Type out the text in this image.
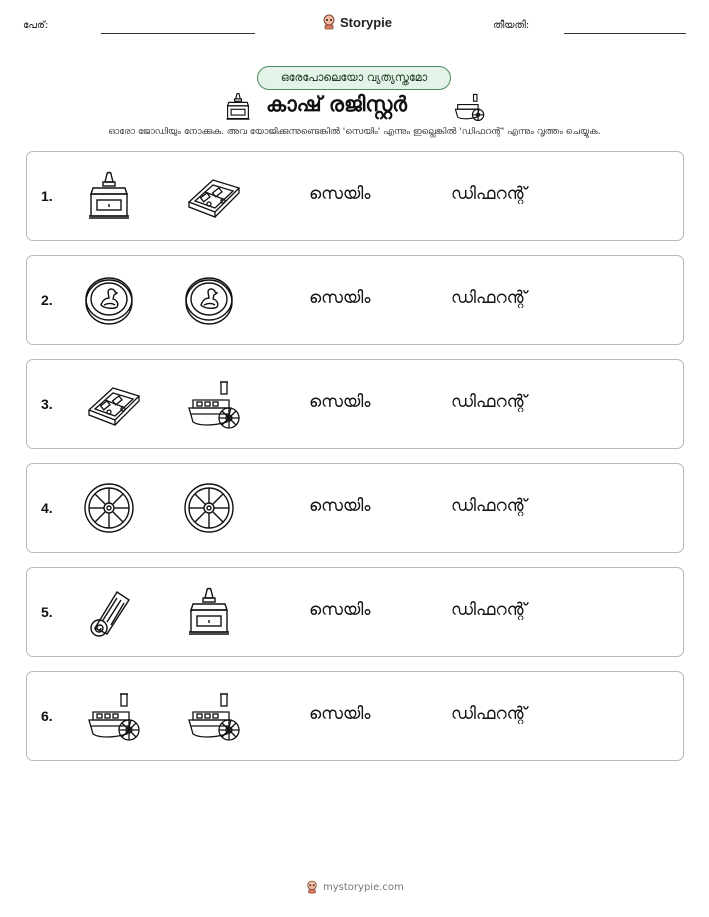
പേര്:	Storypie	തീയതി:
ഒരേപോലെയോ വ്യത്യസ്തമോ
കാഷ് രജിസ്റ്റർ
ഓരോ ജോഡിയും നോക്കുക. അവ യോജിക്കുന്നുണ്ടെങ്കിൽ 'സെയിം' എന്നും ഇല്ലെങ്കിൽ 'ഡിഫറന്റ്' എന്നും വൃത്തം ചെയ്യുക.
1.	സെയിം	ഡിഫറന്റ്
2.	സെയിം	ഡിഫറന്റ്
3.	സെയിം	ഡിഫറന്റ്
4.	സെയിം	ഡിഫറന്റ്
5.	സെയിം	ഡിഫറന്റ്
6.	സെയിം	ഡിഫറന്റ്
mystorypie.com
